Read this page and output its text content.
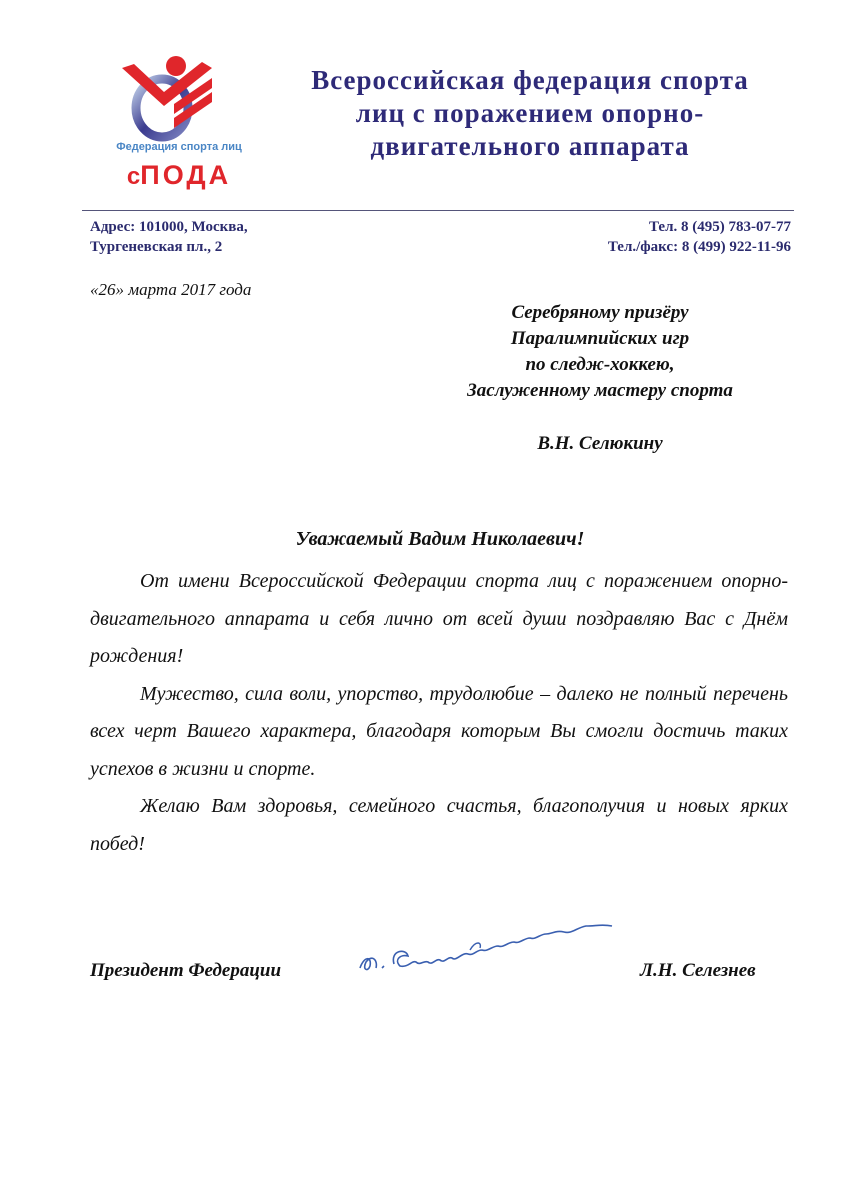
Федерация спорта лиц
сПОДА
Всероссийская федерация спорта
лиц с поражением опорно-
двигательного аппарата
Адрес: 101000, Москва,
Тургеневская пл., 2
Тел. 8 (495) 783-07-77
Тел./факс: 8 (499) 922-11-96
«26» марта 2017 года
Серебряному призёру
Паралимпийских игр
по следж-хоккею,
Заслуженному мастеру спорта
В.Н. Селюкину
Уважаемый Вадим Николаевич!

От имени Всероссийской Федерации спорта лиц с поражением опорно-двигательного аппарата и себя лично от всей души поздравляю Вас с Днём рождения!

Мужество, сила воли, упорство, трудолюбие – далеко не полный перечень всех черт Вашего характера, благодаря которым Вы смогли достичь таких успехов в жизни и спорте.

Желаю Вам здоровья, семейного счастья, благополучия и новых ярких побед!

Президент Федерации	Л.Н. Селезнев
